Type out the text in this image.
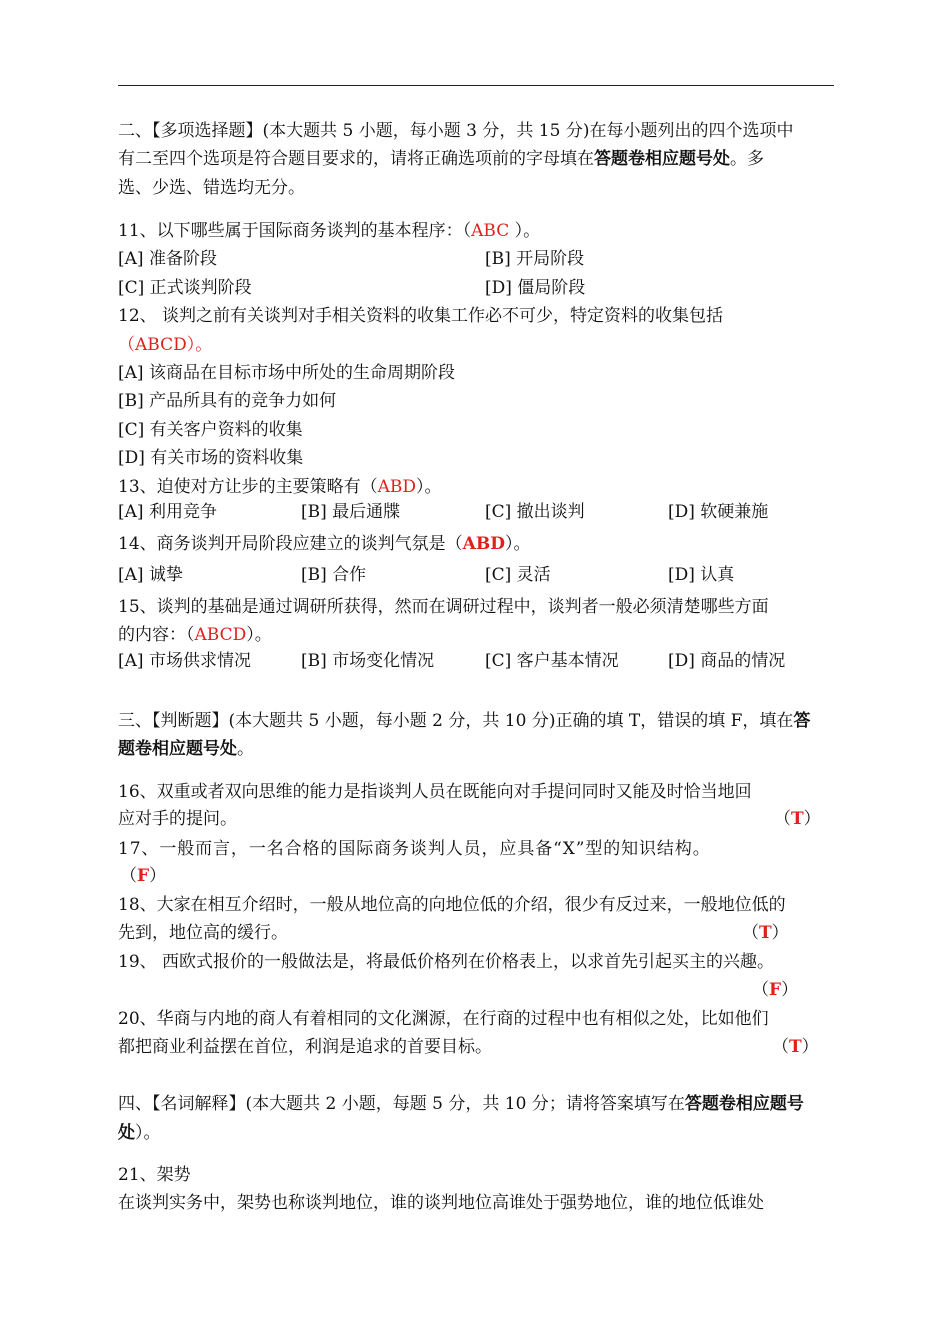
二、【多项选择题】(本大题共 5 小题，每小题 3 分，共 15 分)在每小题列出的四个选项中
有二至四个选项是符合题目要求的，请将正确选项前的字母填在答题卷相应题号处。多
选、少选、错选均无分。
11、以下哪些属于国际商务谈判的基本程序：（ABC ）。
[A] 准备阶段	[B] 开局阶段
[C] 正式谈判阶段	[D] 僵局阶段
12、 谈判之前有关谈判对手相关资料的收集工作必不可少，特定资料的收集包括
（ABCD）。
[A] 该商品在目标市场中所处的生命周期阶段
[B] 产品所具有的竞争力如何
[C] 有关客户资料的收集
[D] 有关市场的资料收集
13、迫使对方让步的主要策略有（ABD）。
[A] 利用竞争	[B] 最后通牒	[C] 撤出谈判	[D] 软硬兼施
14、商务谈判开局阶段应建立的谈判气氛是（ABD）。
[A] 诚挚	[B] 合作	[C] 灵活	[D] 认真
15、谈判的基础是通过调研所获得，然而在调研过程中，谈判者一般必须清楚哪些方面
的内容：（ABCD）。
[A] 市场供求情况	[B] 市场变化情况	[C] 客户基本情况	[D] 商品的情况
三、【判断题】(本大题共 5 小题，每小题 2 分，共 10 分)正确的填 T，错误的填 F，填在答
题卷相应题号处。
16、双重或者双向思维的能力是指谈判人员在既能向对手提问同时又能及时恰当地回
应对手的提问。	（T）
17、一般而言，一名合格的国际商务谈判人员，应具备“X”型的知识结构。
（F）
18、大家在相互介绍时，一般从地位高的向地位低的介绍，很少有反过来，一般地位低的
先到，地位高的缓行。	（T）
19、 西欧式报价的一般做法是，将最低价格列在价格表上，以求首先引起买主的兴趣。
（F）
20、华商与内地的商人有着相同的文化渊源，在行商的过程中也有相似之处，比如他们
都把商业利益摆在首位，利润是追求的首要目标。	（T）
四、【名词解释】(本大题共 2 小题，每题 5 分，共 10 分；请将答案填写在答题卷相应题号
处）。
21、架势
在谈判实务中，架势也称谈判地位，谁的谈判地位高谁处于强势地位，谁的地位低谁处
